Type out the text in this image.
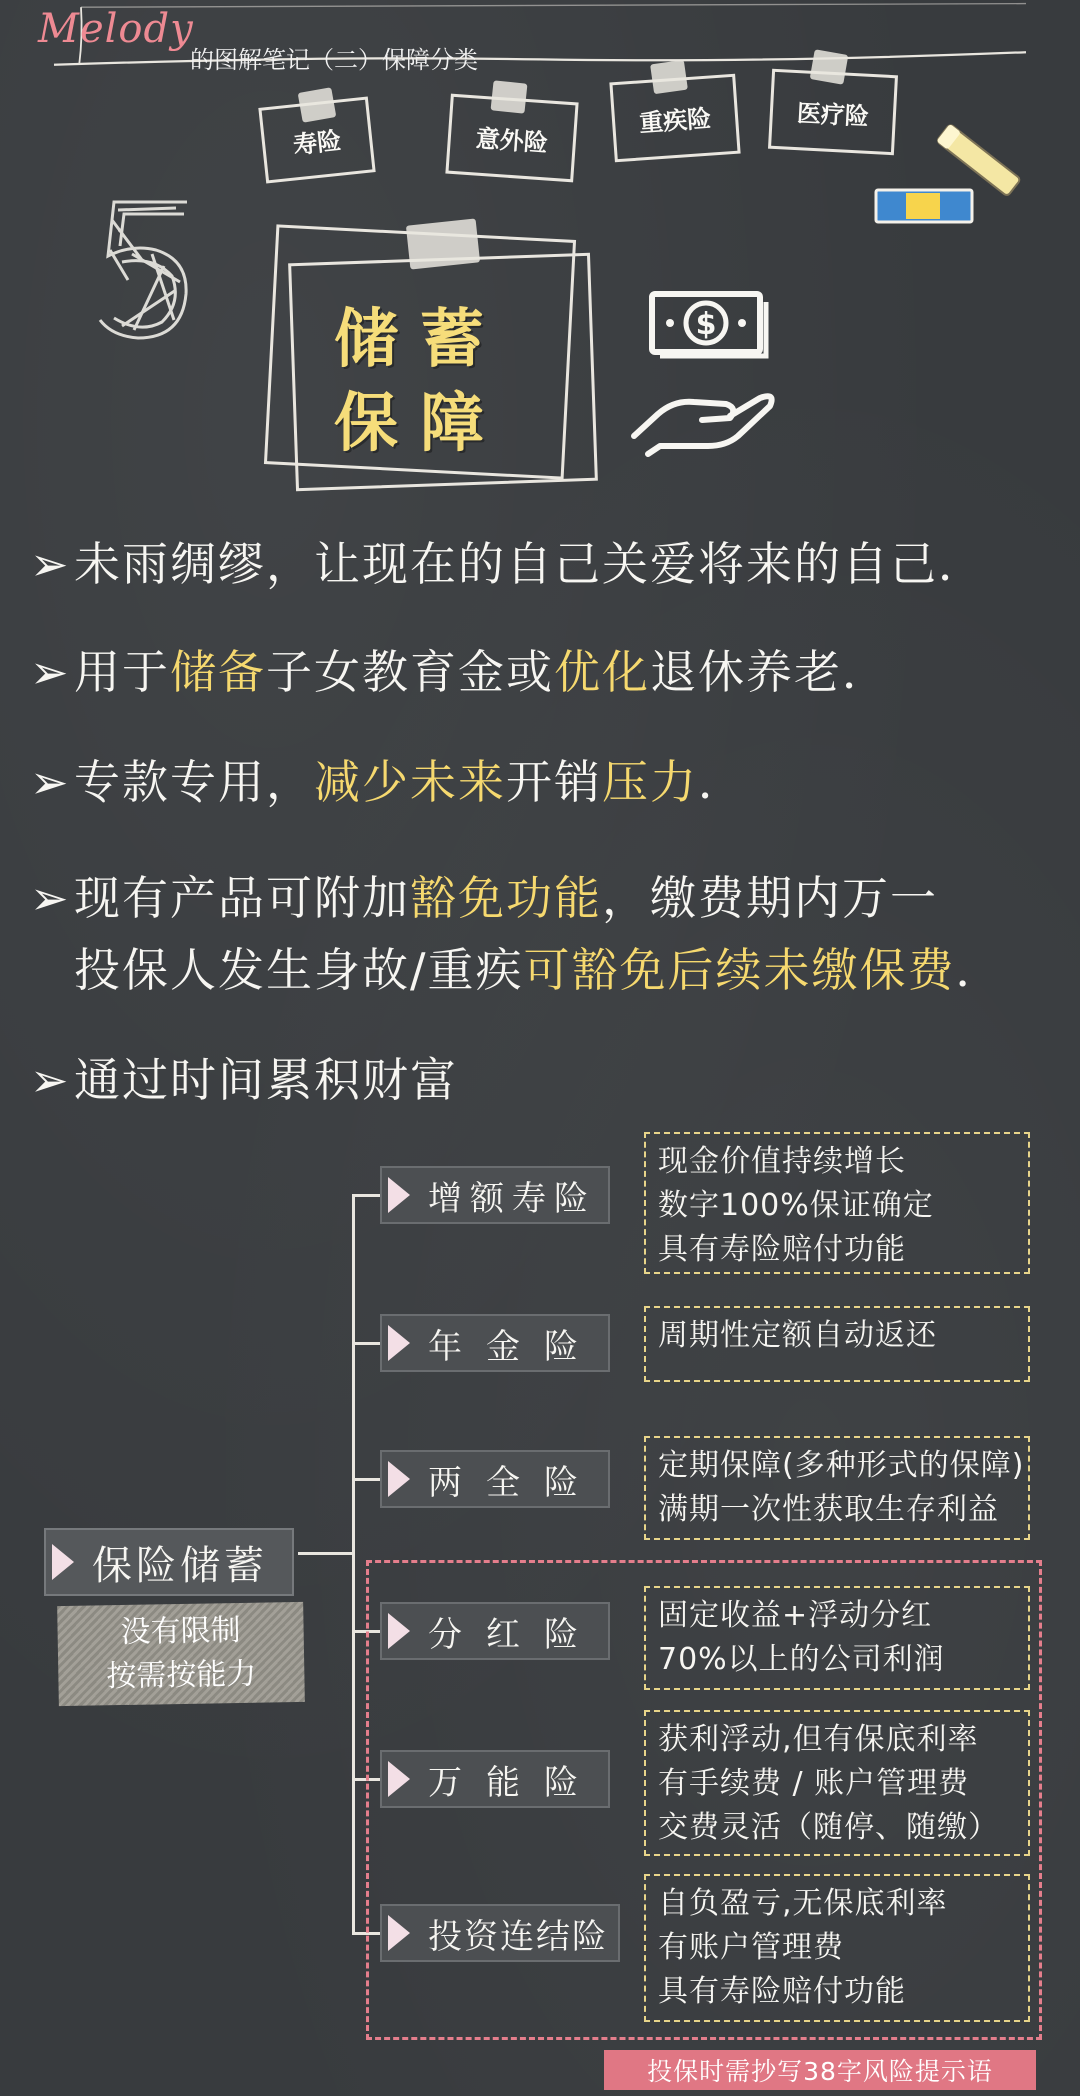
Melody
的图解笔记（二）保障分类
寿险	意外险
重疾险	医疗险
5
储蓄
保障
$
➢未雨绸缪，让现在的自己关爱将来的自己．
➢用于储备子女教育金或优化退休养老．
➢专款专用，减少未来开销压力．
➢现有产品可附加豁免功能，缴费期内万一
投保人发生身故/重疾可豁免后续未缴保费．
➢通过时间累积财富
保险储蓄
没有限制
按需按能力
增额寿险
现金价值持续增长
数字100%保证确定
具有寿险赔付功能
年金险 周期性定额自动返还
两全险 定期保障(多种形式的保障)
满期一次性获取生存利益
分红险 固定收益+浮动分红
70%以上的公司利润
万能险
获利浮动,但有保底利率
有手续费 / 账户管理费
交费灵活（随停、随缴）
投资连结险
自负盈亏,无保底利率
有账户管理费
具有寿险赔付功能
投保时需抄写38字风险提示语
